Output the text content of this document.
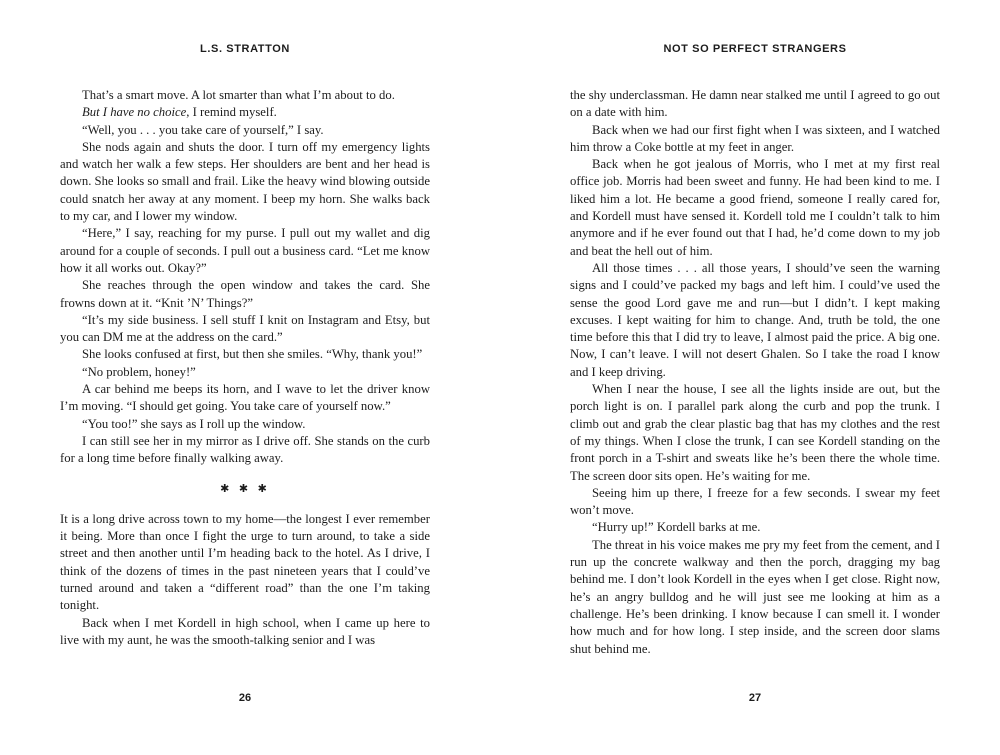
L.S. STRATTON

That’s a smart move. A lot smarter than what I’m about to do.

But I have no choice, I remind myself.

“Well, you . . . you take care of yourself,” I say.

She nods again and shuts the door. I turn off my emergency lights and watch her walk a few steps. Her shoulders are bent and her head is down. She looks so small and frail. Like the heavy wind blowing outside could snatch her away at any moment. I beep my horn. She walks back to my car, and I lower my window.

“Here,” I say, reaching for my purse. I pull out my wallet and dig around for a couple of seconds. I pull out a business card. “Let me know how it all works out. Okay?”

She reaches through the open window and takes the card. She frowns down at it. “Knit ’N’ Things?”

“It’s my side business. I sell stuff I knit on Instagram and Etsy, but you can DM me at the address on the card.”

She looks confused at first, but then she smiles. “Why, thank you!”

“No problem, honey!”

A car behind me beeps its horn, and I wave to let the driver know I’m moving. “I should get going. You take care of yourself now.”

“You too!” she says as I roll up the window.

I can still see her in my mirror as I drive off. She stands on the curb for a long time before finally walking away.

✱ ✱ ✱

It is a long drive across town to my home—the longest I ever remember it being. More than once I fight the urge to turn around, to take a side street and then another until I’m heading back to the hotel. As I drive, I think of the dozens of times in the past nineteen years that I could’ve turned around and taken a “different road” than the one I’m taking tonight.

Back when I met Kordell in high school, when I came up here to live with my aunt, he was the smooth-talking senior and I was

26
NOT SO PERFECT STRANGERS

the shy underclassman. He damn near stalked me until I agreed to go out on a date with him.

Back when we had our first fight when I was sixteen, and I watched him throw a Coke bottle at my feet in anger.

Back when he got jealous of Morris, who I met at my first real office job. Morris had been sweet and funny. He had been kind to me. I liked him a lot. He became a good friend, someone I really cared for, and Kordell must have sensed it. Kordell told me I couldn’t talk to him anymore and if he ever found out that I had, he’d come down to my job and beat the hell out of him.

All those times . . . all those years, I should’ve seen the warning signs and I could’ve packed my bags and left him. I could’ve used the sense the good Lord gave me and run—but I didn’t. I kept making excuses. I kept waiting for him to change. And, truth be told, the one time before this that I did try to leave, I almost paid the price. A big one. Now, I can’t leave. I will not desert Ghalen. So I take the road I know and I keep driving.

When I near the house, I see all the lights inside are out, but the porch light is on. I parallel park along the curb and pop the trunk. I climb out and grab the clear plastic bag that has my clothes and the rest of my things. When I close the trunk, I can see Kordell standing on the front porch in a T-shirt and sweats like he’s been there the whole time. The screen door sits open. He’s waiting for me.

Seeing him up there, I freeze for a few seconds. I swear my feet won’t move.

“Hurry up!” Kordell barks at me.

The threat in his voice makes me pry my feet from the cement, and I run up the concrete walkway and then the porch, dragging my bag behind me. I don’t look Kordell in the eyes when I get close. Right now, he’s an angry bulldog and he will just see me looking at him as a challenge. He’s been drinking. I know because I can smell it. I wonder how much and for how long. I step inside, and the screen door slams shut behind me.

27
